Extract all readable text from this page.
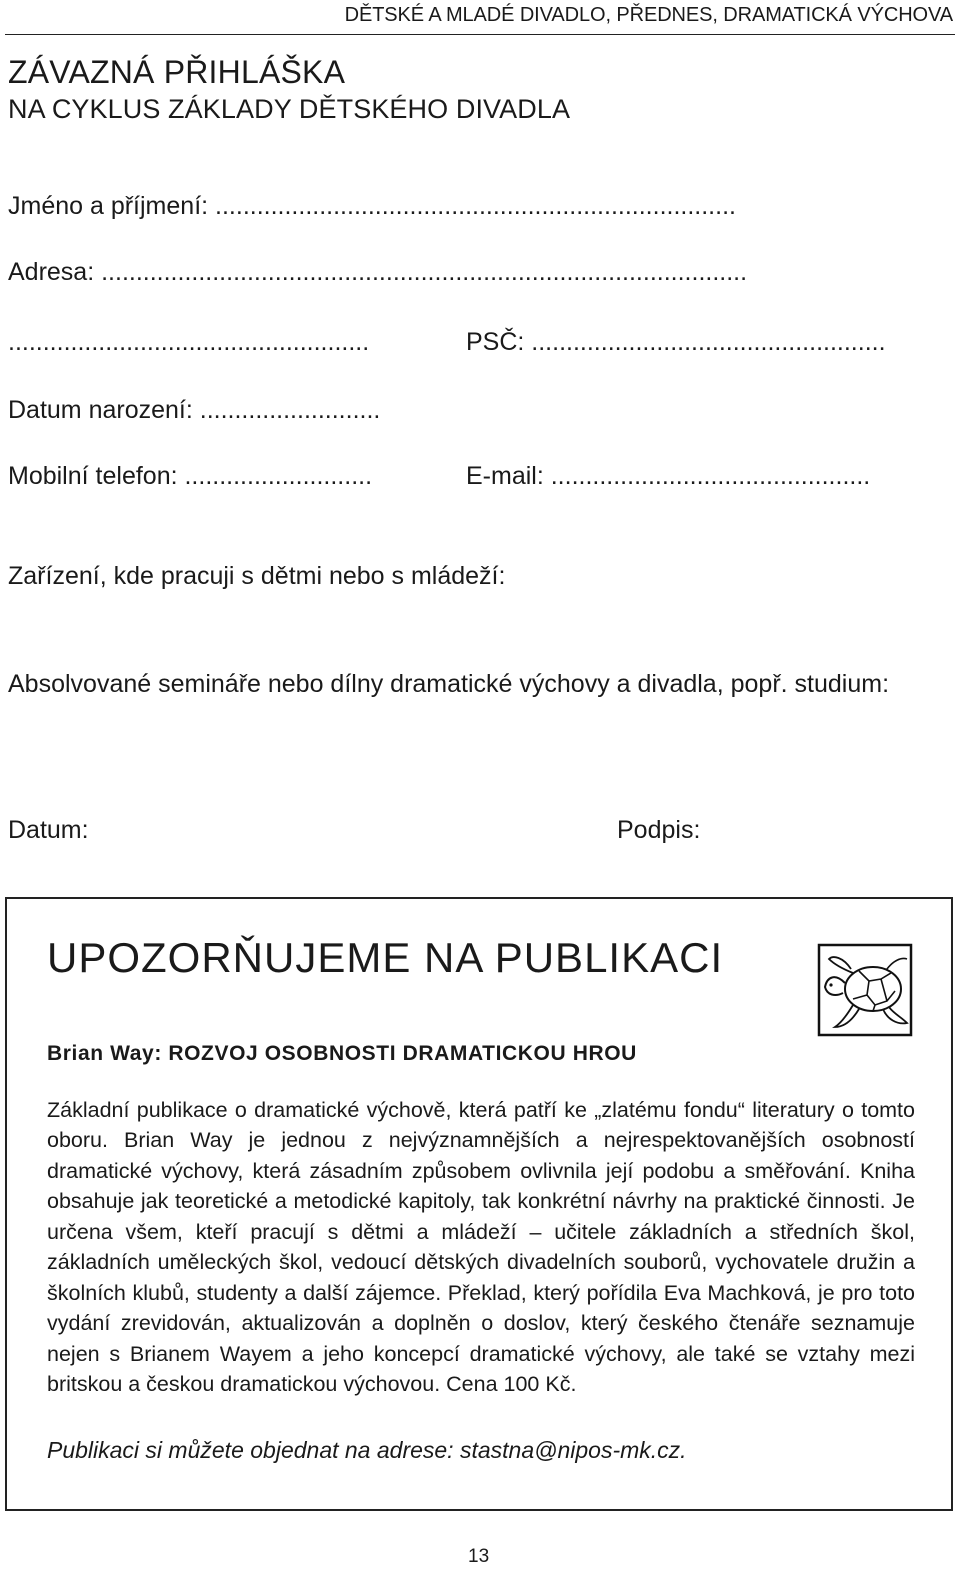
DĚTSKÉ A MLADÉ DIVADLO, PŘEDNES, DRAMATICKÁ VÝCHOVA

ZÁVAZNÁ PŘIHLÁŠKA
NA CYKLUS ZÁKLADY DĚTSKÉHO DIVADLA

Jméno a příjmení: ...........................................................................

Adresa: .............................................................................................

....................................................	PSČ: ...................................................

Datum narození: ..........................

Mobilní telefon: ...........................	E-mail: ..............................................

Zařízení, kde pracuji s dětmi nebo s mládeží:

Absolvované semináře nebo dílny dramatické výchovy a divadla, popř. studium:

Datum:	Podpis:

UPOZORŇUJEME NA PUBLIKACI

Brian Way: ROZVOJ OSOBNOSTI DRAMATICKOU HROU

Základní publikace o dramatické výchově, která patří ke „zlatému fondu“ literatury o tomto oboru. Brian Way je jednou z nejvýznamnějších a nejrespektovanějších osobností dramatické výchovy, která zásadním způsobem ovlivnila její podobu a směřování. Kniha obsahuje jak teoretické a metodické kapitoly, tak konkrétní návrhy na praktické činnosti. Je určena všem, kteří pracují s dětmi a mládeží – učitele základních a středních škol, základních uměleckých škol, vedoucí dětských divadelních souborů, vychovatele družin a školních klubů, studenty a další zájemce. Překlad, který pořídila Eva Machková, je pro toto vydání zrevidován, aktualizován a doplněn o doslov, který českého čtenáře seznamuje nejen s Brianem Wayem a jeho koncepcí dramatické výchovy, ale také se vztahy mezi britskou a českou dramatickou výchovou. Cena 100 Kč.

Publikaci si můžete objednat na adrese: stastna@nipos-mk.cz.

13
